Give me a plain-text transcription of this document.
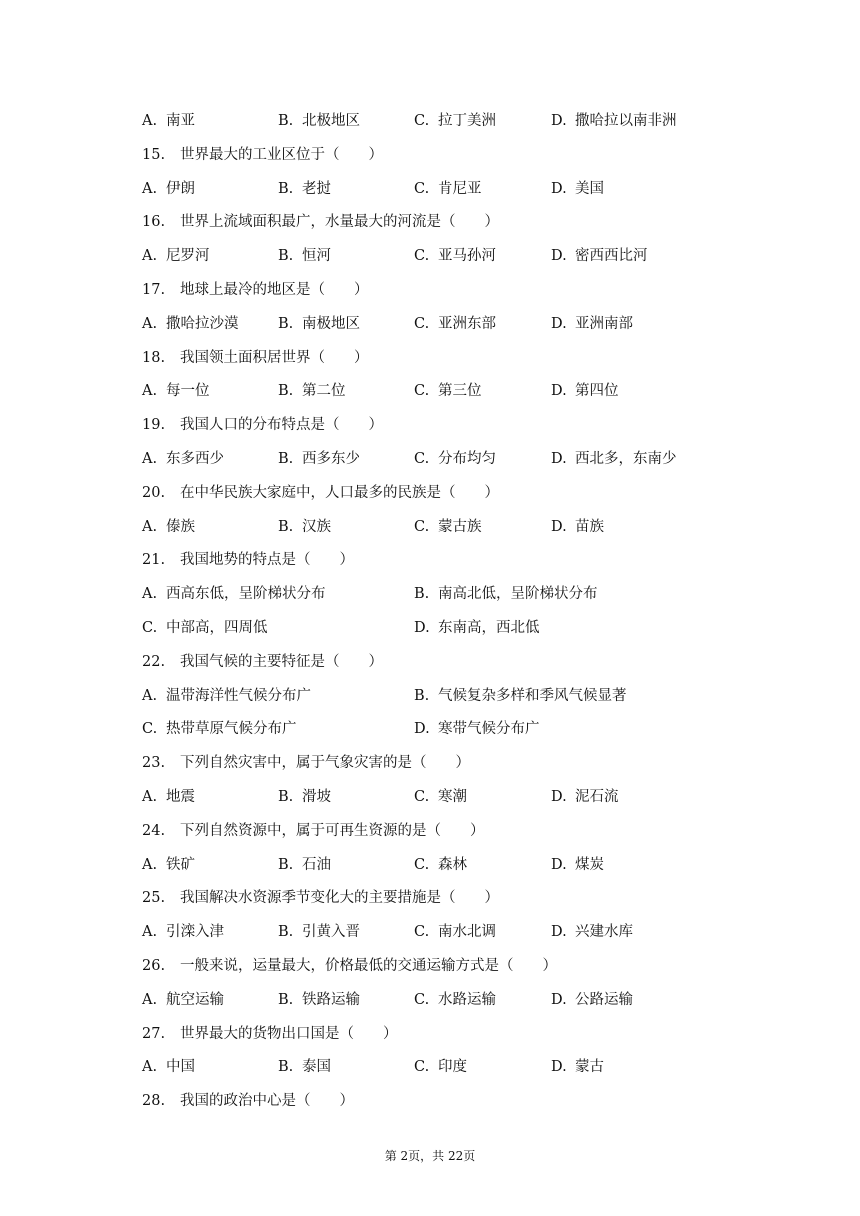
A. 南亚	B. 北极地区	C. 拉丁美洲	D. 撒哈拉以南非洲
15. 世界最大的工业区位于（　　）
A. 伊朗	B. 老挝	C. 肯尼亚	D. 美国
16. 世界上流域面积最广，水量最大的河流是（　　）
A. 尼罗河	B. 恒河	C. 亚马孙河	D. 密西西比河
17. 地球上最冷的地区是（　　）
A. 撒哈拉沙漠	B. 南极地区	C. 亚洲东部	D. 亚洲南部
18. 我国领土面积居世界（　　）
A. 每一位	B. 第二位	C. 第三位	D. 第四位
19. 我国人口的分布特点是（　　）
A. 东多西少	B. 西多东少	C. 分布均匀	D. 西北多，东南少
20. 在中华民族大家庭中，人口最多的民族是（　　）
A. 傣族	B. 汉族	C. 蒙古族	D. 苗族
21. 我国地势的特点是（　　）
A. 西高东低，呈阶梯状分布	B. 南高北低，呈阶梯状分布
C. 中部高，四周低	D. 东南高，西北低
22. 我国气候的主要特征是（　　）
A. 温带海洋性气候分布广	B. 气候复杂多样和季风气候显著
C. 热带草原气候分布广	D. 寒带气候分布广
23. 下列自然灾害中，属于气象灾害的是（　　）
A. 地震	B. 滑坡	C. 寒潮	D. 泥石流
24. 下列自然资源中，属于可再生资源的是（　　）
A. 铁矿	B. 石油	C. 森林	D. 煤炭
25. 我国解决水资源季节变化大的主要措施是（　　）
A. 引滦入津	B. 引黄入晋	C. 南水北调	D. 兴建水库
26. 一般来说，运量最大，价格最低的交通运输方式是（　　）
A. 航空运输	B. 铁路运输	C. 水路运输	D. 公路运输
27. 世界最大的货物出口国是（　　）
A. 中国	B. 泰国	C. 印度	D. 蒙古
28. 我国的政治中心是（　　）
第 2页，共 22页
